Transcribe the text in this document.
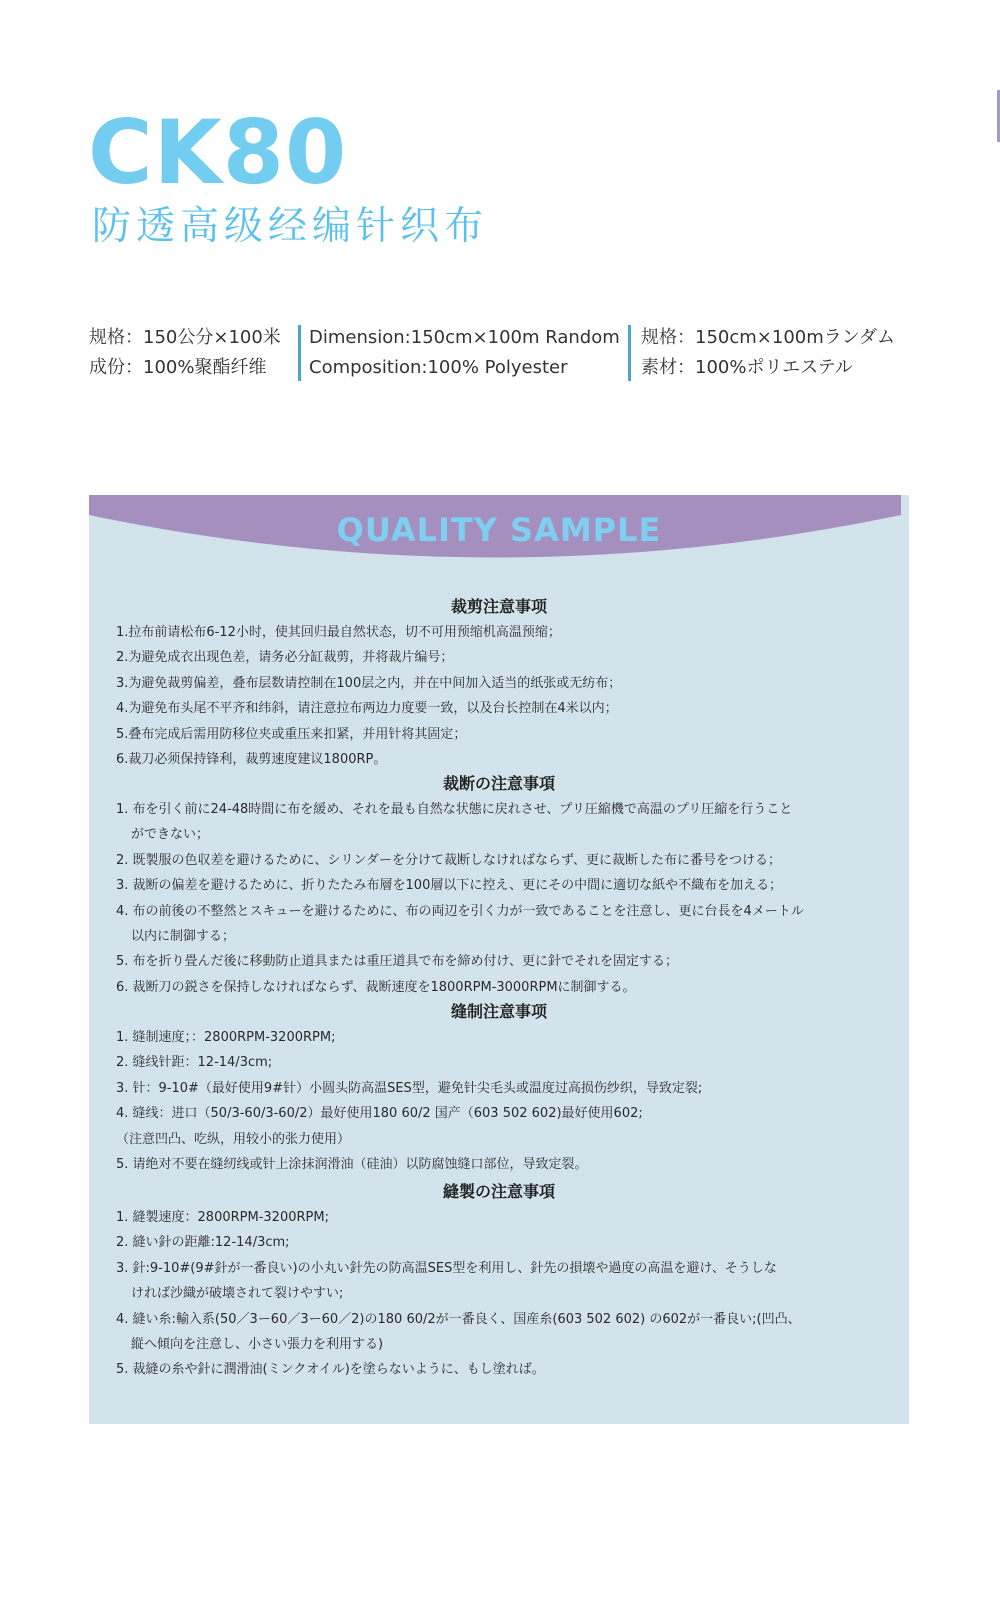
CK80
防透高级经编针织布
规格：150公分×100米
成份：100%聚酯纤维
Dimension:150cm×100m Random
Composition:100% Polyester
规格：150cm×100mランダム
素材：100%ポリエステル
QUALITY SAMPLE
裁剪注意事项
1.拉布前请松布6-12小时，使其回归最自然状态，切不可用预缩机高温预缩；
2.为避免成衣出现色差，请务必分缸裁剪，并将裁片编号；
3.为避免裁剪偏差，叠布层数请控制在100层之内，并在中间加入适当的纸张或无纺布；
4.为避免布头尾不平齐和纬斜，请注意拉布两边力度要一致，以及台长控制在4米以内；
5.叠布完成后需用防移位夹或重压来扣紧，并用针将其固定；
6.裁刀必须保持锋利，裁剪速度建议1800RP。
裁断の注意事項
1. 布を引く前に24-48時間に布を緩め、それを最も自然な状態に戻れさせ、プリ圧縮機で高温のプリ圧縮を行うこと
ができない；
2. 既製服の色収差を避けるために、シリンダーを分けて裁断しなければならず、更に裁断した布に番号をつける；
3. 裁断の偏差を避けるために、折りたたみ布層を100層以下に控え、更にその中間に適切な紙や不織布を加える；
4. 布の前後の不整然とスキューを避けるために、布の両辺を引く力が一致であることを注意し、更に台長を4メートル
以内に制御する；
5. 布を折り畳んだ後に移動防止道具または重圧道具で布を締め付け、更に針でそれを固定する；
6. 裁断刀の鋭さを保持しなければならず、裁断速度を1800RPM-3000RPMに制御する。
缝制注意事项
1. 缝制速度；：2800RPM-3200RPM;
2. 缝线针距：12-14/3cm;
3. 针：9-10#（最好使用9#针）小圆头防高温SES型，避免针尖毛头或温度过高损伤纱织，导致定裂;
4. 缝线：进口（50/3-60/3-60/2）最好使用180 60/2 国产（603 502 602)最好使用602;
（注意凹凸、吃纵，用较小的张力使用）
5. 请绝对不要在缝纫线或针上涂抹润滑油（硅油）以防腐蚀缝口部位，导致定裂。
縫製の注意事項
1. 縫製速度：2800RPM-3200RPM;
2. 縫い針の距離:12-14/3cm;
3. 針:9-10#(9#針が一番良い)の小丸い針先の防高温SES型を利用し、針先の損壊や過度の高温を避け、そうしな
ければ沙織が破壊されて裂けやすい;
4. 縫い糸:輸入系(50／3ー60／3ー60／2)の180 60/2が一番良く、国産糸(603 502 602) の602が一番良い;(凹凸、
縦へ傾向を注意し、小さい張力を利用する)
5. 裁縫の糸や針に潤滑油(ミンクオイル)を塗らないように、もし塗れば。
